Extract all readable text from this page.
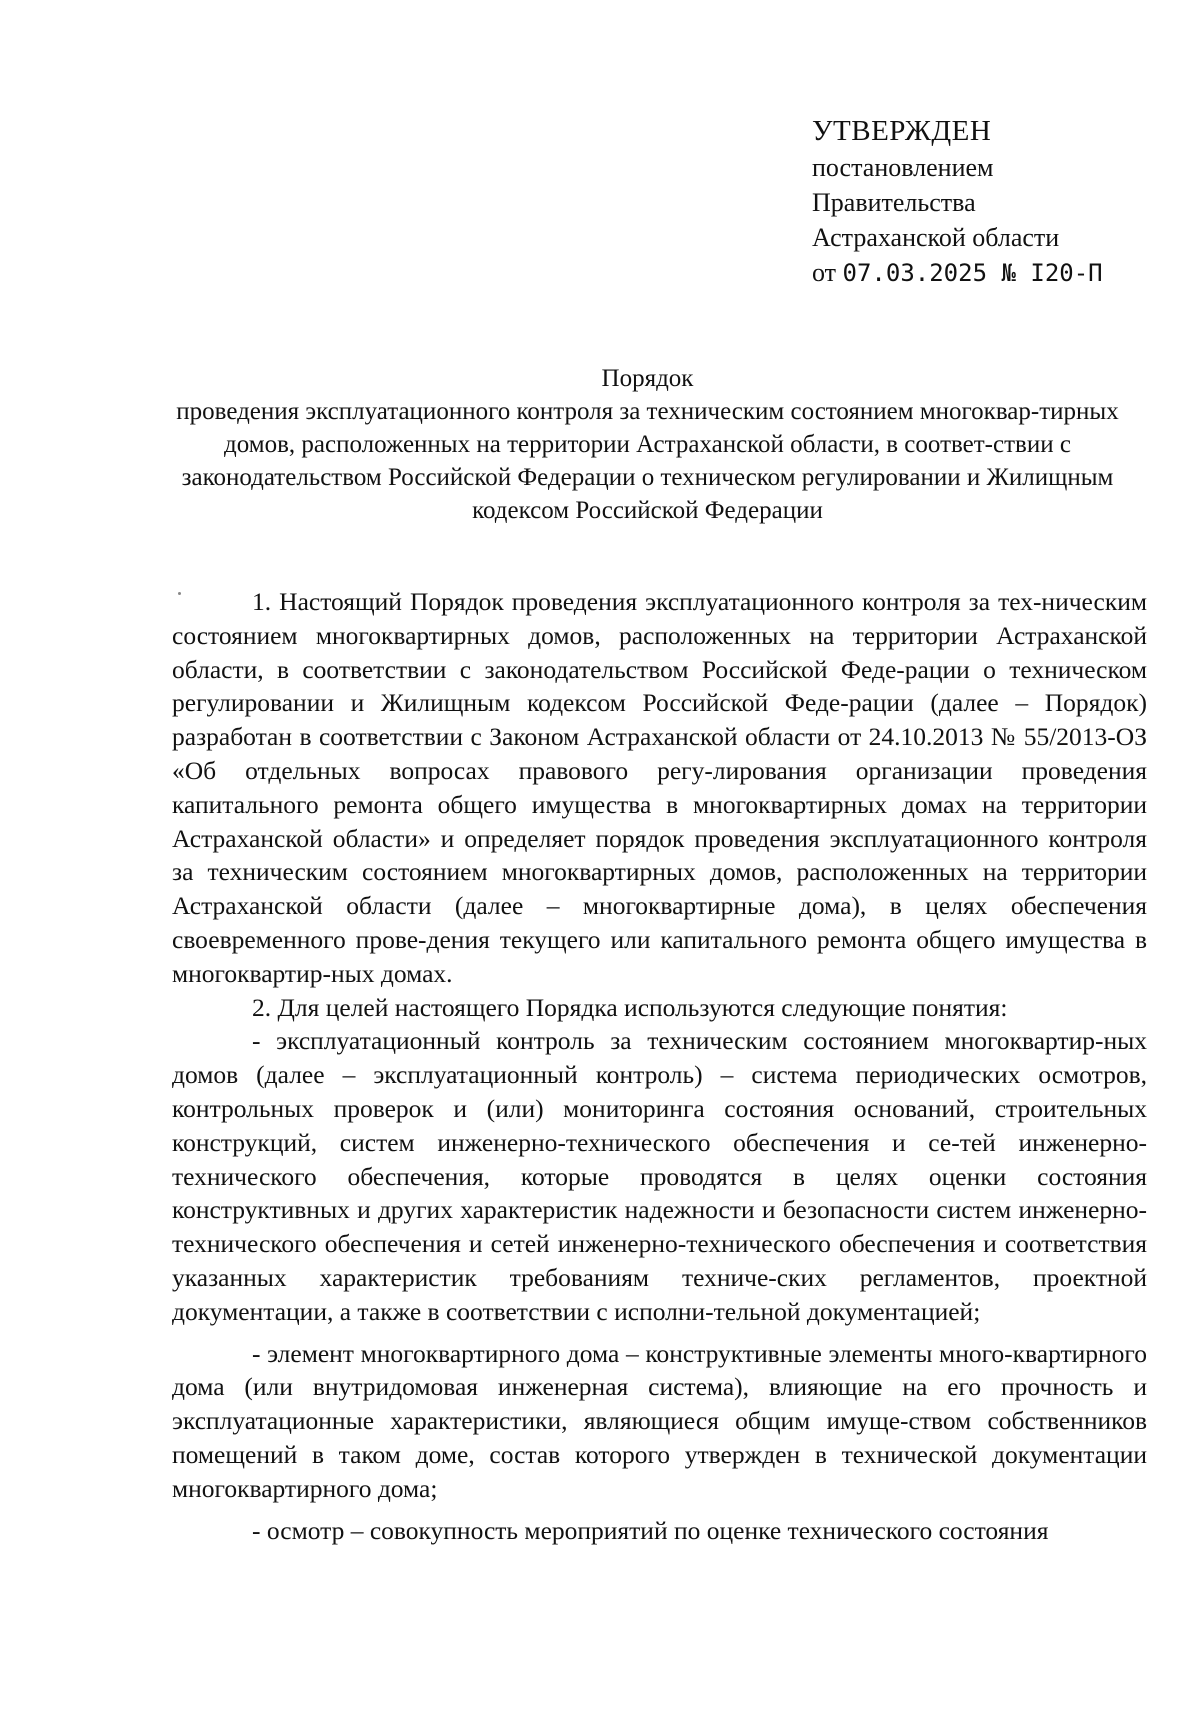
УТВЕРЖДЕН
постановлением
Правительства
Астраханской области
от 07.03.2025 № I20-П
Порядок
проведения эксплуатационного контроля за техническим состоянием многоквар-тирных домов, расположенных на территории Астраханской области, в соответ-ствии с законодательством Российской Федерации о техническом регулировании и Жилищным кодексом Российской Федерации

1. Настоящий Порядок проведения эксплуатационного контроля за тех-ническим состоянием многоквартирных домов, расположенных на территории Астраханской области, в соответствии с законодательством Российской Феде-рации о техническом регулировании и Жилищным кодексом Российской Феде-рации (далее – Порядок) разработан в соответствии с Законом Астраханской области от 24.10.2013 № 55/2013-ОЗ «Об отдельных вопросах правового регу-лирования организации проведения капитального ремонта общего имущества в многоквартирных домах на территории Астраханской области» и определяет порядок проведения эксплуатационного контроля за техническим состоянием многоквартирных домов, расположенных на территории Астраханской области (далее – многоквартирные дома), в целях обеспечения своевременного прове-дения текущего или капитального ремонта общего имущества в многоквартир-ных домах.

2. Для целей настоящего Порядка используются следующие понятия:

- эксплуатационный контроль за техническим состоянием многоквартир-ных домов (далее – эксплуатационный контроль) – система периодических осмотров, контрольных проверок и (или) мониторинга состояния оснований, строительных конструкций, систем инженерно-технического обеспечения и се-тей инженерно-технического обеспечения, которые проводятся в целях оценки состояния конструктивных и других характеристик надежности и безопасности систем инженерно-технического обеспечения и сетей инженерно-технического обеспечения и соответствия указанных характеристик требованиям техниче-ских регламентов, проектной документации, а также в соответствии с исполни-тельной документацией;

- элемент многоквартирного дома – конструктивные элементы много-квартирного дома (или внутридомовая инженерная система), влияющие на его прочность и эксплуатационные характеристики, являющиеся общим имуще-ством собственников помещений в таком доме, состав которого утвержден в технической документации многоквартирного дома;

- осмотр – совокупность мероприятий по оценке технического состояния
